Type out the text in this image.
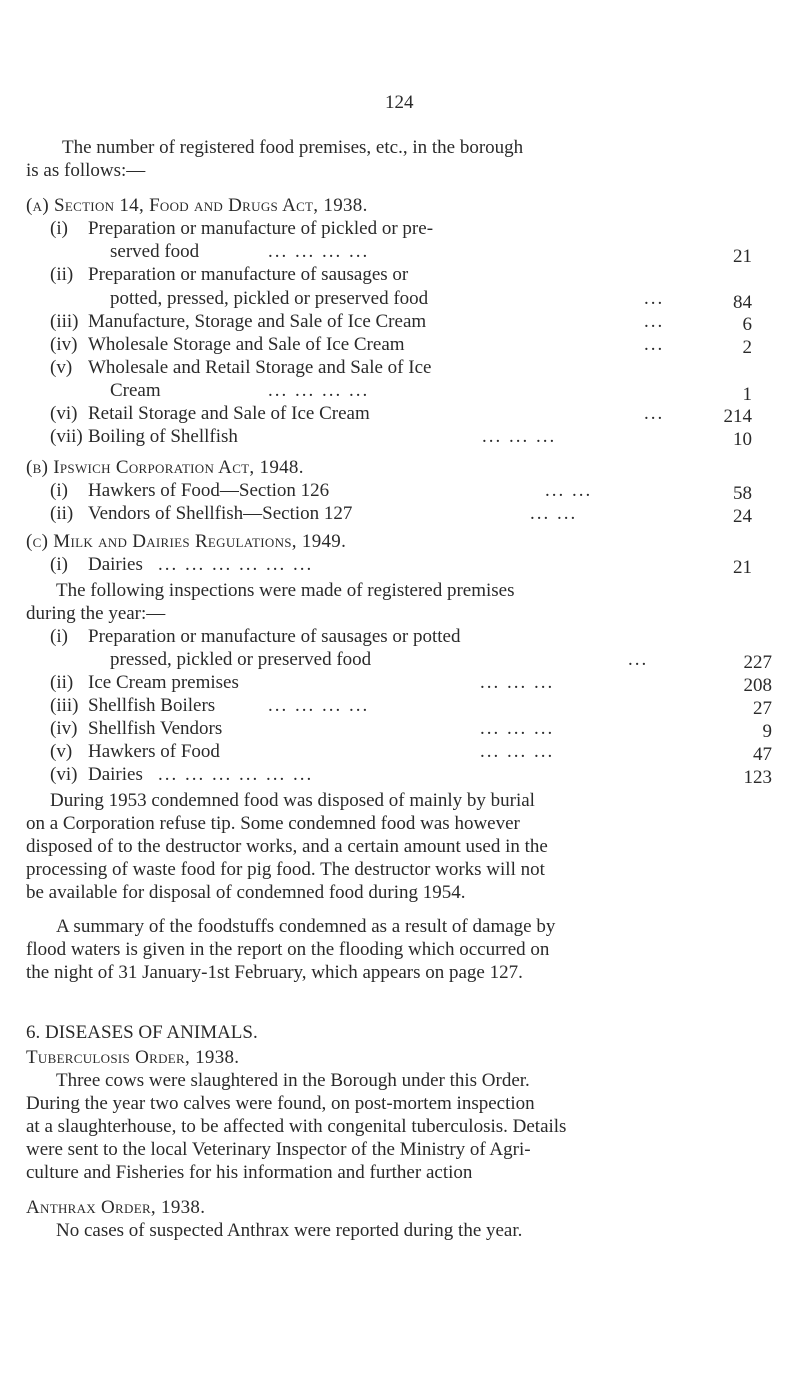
124
The number of registered food premises, etc., in the borough
is as follows:—
(a) Section 14, Food and Drugs Act, 1938.
(i) Preparation or manufacture of pickled or pre-
served food	... ... ... ...	21
(ii) Preparation or manufacture of sausages or
potted, pressed, pickled or preserved food	...	84
(iii) Manufacture, Storage and Sale of Ice Cream	...	6
(iv) Wholesale Storage and Sale of Ice Cream	...	2
(v) Wholesale and Retail Storage and Sale of Ice
Cream	... ... ... ...	1
(vi) Retail Storage and Sale of Ice Cream	...	214
(vii) Boiling of Shellfish	... ... ...	10
(b) Ipswich Corporation Act, 1948.
(i) Hawkers of Food—Section 126	... ...	58
(ii) Vendors of Shellfish—Section 127	... ...	24
(c) Milk and Dairies Regulations, 1949.
(i) Dairies ... ... ... ... ... ...	21
The following inspections were made of registered premises
during the year:—
(i) Preparation or manufacture of sausages or potted
pressed, pickled or preserved food	...	227
(ii) Ice Cream premises	... ... ...	208
(iii) Shellfish Boilers	... ... ... ...	27
(iv) Shellfish Vendors	... ... ...	9
(v) Hawkers of Food	... ... ...	47
(vi) Dairies ... ... ... ... ... ...	123
During 1953 condemned food was disposed of mainly by burial
on a Corporation refuse tip. Some condemned food was however
disposed of to the destructor works, and a certain amount used in the
processing of waste food for pig food. The destructor works will not
be available for disposal of condemned food during 1954.
A summary of the foodstuffs condemned as a result of damage by
flood waters is given in the report on the flooding which occurred on
the night of 31 January-1st February, which appears on page 127.
6. DISEASES OF ANIMALS.
Tuberculosis Order, 1938.
Three cows were slaughtered in the Borough under this Order.
During the year two calves were found, on post-mortem inspection
at a slaughterhouse, to be affected with congenital tuberculosis. Details
were sent to the local Veterinary Inspector of the Ministry of Agri-
culture and Fisheries for his information and further action
Anthrax Order, 1938.
No cases of suspected Anthrax were reported during the year.
